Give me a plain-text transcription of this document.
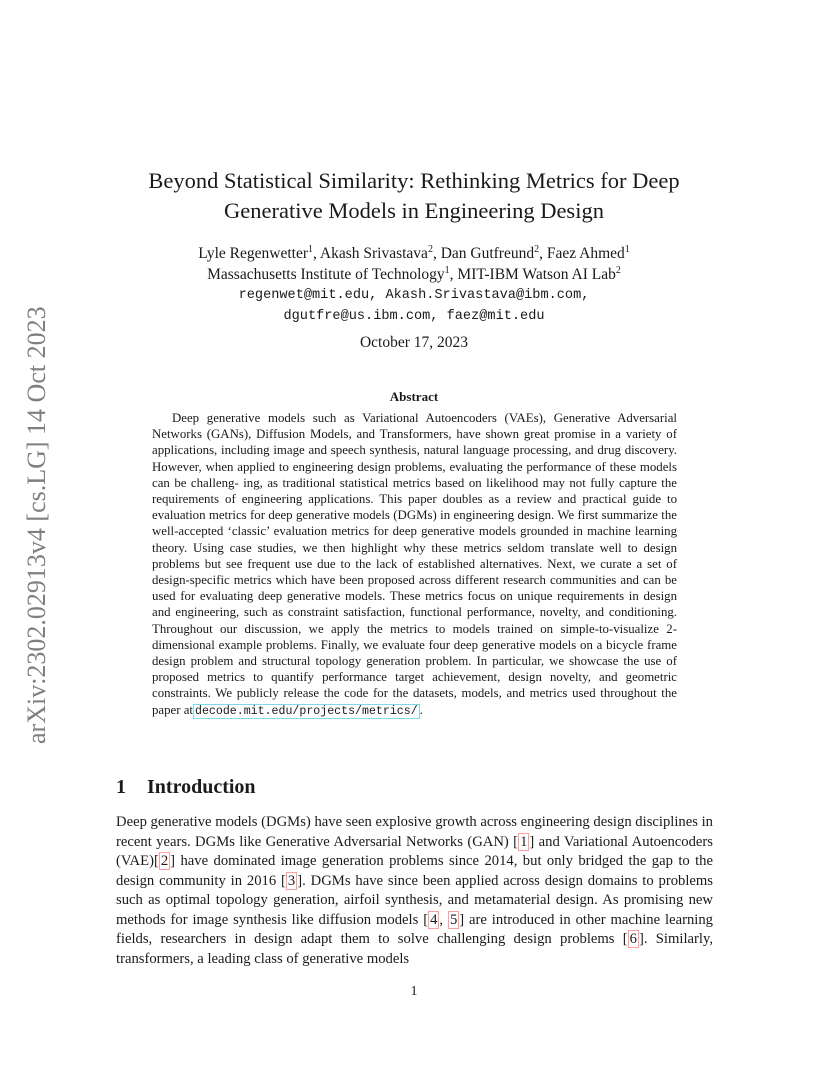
arXiv:2302.02913v4 [cs.LG] 14 Oct 2023
Beyond Statistical Similarity: Rethinking Metrics for Deep Generative Models in Engineering Design
Lyle Regenwetter$^1$, Akash Srivastava$^2$, Dan Gutfreund$^2$, Faez Ahmed$^1$
Massachusetts Institute of Technology$^1$, MIT-IBM Watson AI Lab$^2$
regenwet@mit.edu, Akash.Srivastava@ibm.com,
dgutfre@us.ibm.com, faez@mit.edu
October 17, 2023
Abstract
Deep generative models such as Variational Autoencoders (VAEs), Generative Adversarial Networks (GANs), Diffusion Models, and Transformers, have shown great promise in a variety of applications, including image and speech synthesis, natural language processing, and drug discovery. However, when applied to engineering design problems, evaluating the performance of these models can be challeng- ing, as traditional statistical metrics based on likelihood may not fully capture the requirements of engineering applications. This paper doubles as a review and practical guide to evaluation metrics for deep generative models (DGMs) in engineering design. We first summarize the well-accepted ‘classic’ evaluation metrics for deep generative models grounded in machine learning theory. Using case studies, we then highlight why these metrics seldom translate well to design problems but see frequent use due to the lack of established alternatives. Next, we curate a set of design-specific metrics which have been proposed across different research communities and can be used for evaluating deep generative models. These metrics focus on unique requirements in design and engineering, such as constraint satisfaction, functional performance, novelty, and conditioning. Throughout our discussion, we apply the metrics to models trained on simple-to-visualize 2-dimensional example problems. Finally, we evaluate four deep generative models on a bicycle frame design problem and structural topology generation problem. In particular, we showcase the use of proposed metrics to quantify performance target achievement, design novelty, and geometric constraints. We publicly release the code for the datasets, models, and metrics used throughout the paper at decode.mit.edu/projects/metrics/ .
1 Introduction
Deep generative models (DGMs) have seen explosive growth across engineering design disciplines in recent years. DGMs like Generative Adversarial Networks (GAN) [ 1 ] and Variational Autoencoders (VAE)[ 2 ] have dominated image generation problems since 2014, but only bridged the gap to the design community in 2016 [ 3 ]. DGMs have since been applied across design domains to problems such as optimal topology generation, airfoil synthesis, and metamaterial design. As promising new methods for image synthesis like diffusion models [ 4 , 5 ] are introduced in other machine learning fields, researchers in design adapt them to solve challenging design problems [ 6 ]. Similarly, transformers, a leading class of generative models
1
